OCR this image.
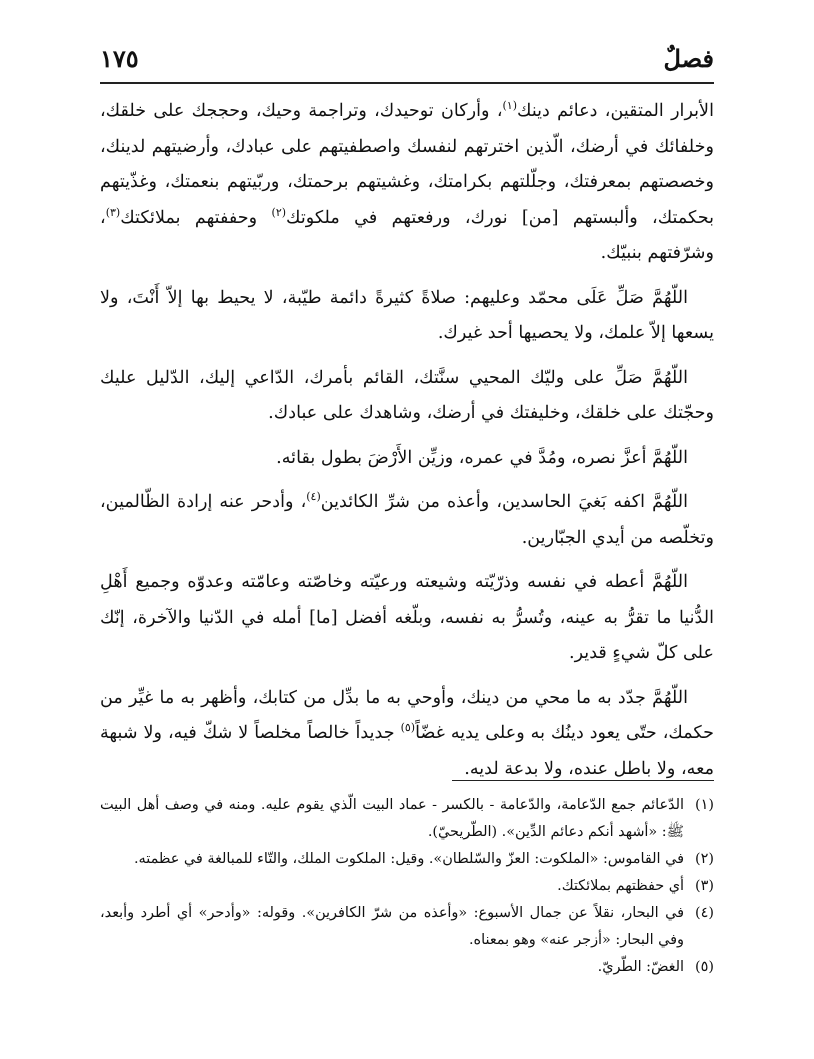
فصلٌ
١٧٥

الأبرار المتقين، دعائم دينك$^{(١)}$، وأركان توحيدك، وتراجمة وحيك، وحججك على خلقك، وخلفائك في أرضك، الّذين اخترتهم لنفسك واصطفيتهم على عبادك، وأرضيتهم لدينك، وخصصتهم بمعرفتك، وجلّلتهم بكرامتك، وغشيتهم برحمتك، وربّيتهم بنعمتك، وغذّيتهم بحكمتك، وألبستهم [من] نورك، ورفعتهم في ملكوتك$^{(٢)}$ وحففتهم بملائكتك$^{(٣)}$، وشرّفتهم بنبيّك.

اللّهُمَّ صَلِّ عَلَى محمّد وعليهم: صلاةً كثيرةً دائمة طيّبة، لا يحيط بها إلاّ أَنْتَ، ولا يسعها إلاّ علمك، ولا يحصيها أحد غيرك.

اللّهُمَّ صَلِّ على وليّك المحيي سنَّتك، القائم بأمرك، الدّاعي إليك، الدّليل عليك وحجّتك على خلقك، وخليفتك في أرضك، وشاهدك على عبادك.

اللّهُمَّ أعزَّ نصره، ومُدَّ في عمره، وزيِّن الأَرْضَ بطول بقائه.

اللّهُمَّ اكفه بَغيَ الحاسدين، وأعذه من شرِّ الكائدين$^{(٤)}$، وأدحر عنه إرادة الظّالمين، وتخلّصه من أيدي الجبّارين.

اللّهُمَّ أعطه في نفسه وذرّيّته وشيعته ورعيّته وخاصّته وعامّته وعدوّه وجميع أَهْلِ الدُّنيا ما تقرُّ به عينه، وتُسرُّ به نفسه، وبلّغه أفضل [ما] أمله في الدّنيا والآخرة، إنّك على كلّ شيءٍ قدير.

اللّهُمَّ جدّد به ما محي من دينك، وأوحي به ما بدِّل من كتابك، وأظهر به ما غيِّر من حكمك، حتّى يعود دينُك به وعلى يديه غضّاً$^{(٥)}$ جديداً خالصاً مخلصاً لا شكّ فيه، ولا شبهة معه، ولا باطل عنده، ولا بدعة لديه.

(١)
الدّعائم جمع الدّعامة، والدّعامة - بالكسر - عماد البيت الّذي يقوم عليه. ومنه في وصف أهل البيت ﷺ: «أشهد أنكم دعائم الدِّين». (الطّريحيّ).
(٢)
في القاموس: «الملكوت: العزّ والسّلطان». وقيل: الملكوت الملك، والتّاء للمبالغة في عظمته.
(٣)
أي حفظتهم بملائكتك.
(٤)
في البحار، نقلاً عن جمال الأسبوع: «وأعذه من شرّ الكافرين». وقوله: «وأدحر» أي أطرد وأبعد، وفي البحار: «أزجر عنه» وهو بمعناه.
(٥)
الغضّ: الطّريّ.
